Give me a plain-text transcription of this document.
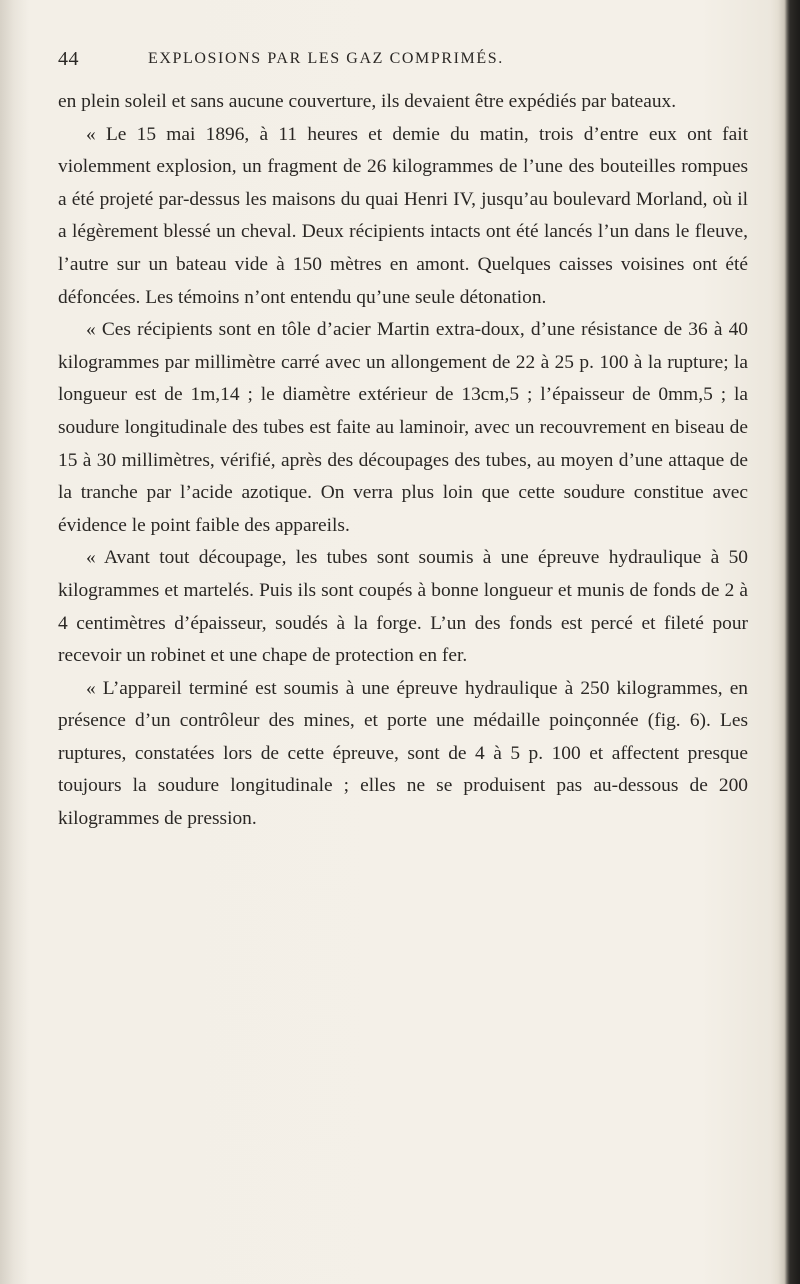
44	EXPLOSIONS PAR LES GAZ COMPRIMÉS.

en plein soleil et sans aucune couverture, ils devaient être expédiés par bateaux.

« Le 15 mai 1896, à 11 heures et demie du matin, trois d’entre eux ont fait violemment explosion, un fragment de 26 kilogrammes de l’une des bouteilles rompues a été projeté par-dessus les maisons du quai Henri IV, jusqu’au boulevard Morland, où il a légèrement blessé un cheval. Deux récipients intacts ont été lancés l’un dans le fleuve, l’autre sur un bateau vide à 150 mètres en amont. Quelques caisses voisines ont été défoncées. Les témoins n’ont entendu qu’une seule détonation.

« Ces récipients sont en tôle d’acier Martin extra-doux, d’une résistance de 36 à 40 kilogrammes par millimètre carré avec un allongement de 22 à 25 p. 100 à la rupture; la longueur est de 1m,14 ; le diamètre extérieur de 13cm,5 ; l’épaisseur de 0mm,5 ; la soudure longitudinale des tubes est faite au laminoir, avec un recouvrement en biseau de 15 à 30 millimètres, vérifié, après des découpages des tubes, au moyen d’une attaque de la tranche par l’acide azotique. On verra plus loin que cette soudure constitue avec évidence le point faible des appareils.

« Avant tout découpage, les tubes sont soumis à une épreuve hydraulique à 50 kilogrammes et martelés. Puis ils sont coupés à bonne longueur et munis de fonds de 2 à 4 centimètres d’épaisseur, soudés à la forge. L’un des fonds est percé et fileté pour recevoir un robinet et une chape de protection en fer.

« L’appareil terminé est soumis à une épreuve hydraulique à 250 kilogrammes, en présence d’un contrôleur des mines, et porte une médaille poinçonnée (fig. 6). Les ruptures, constatées lors de cette épreuve, sont de 4 à 5 p. 100 et affectent presque toujours la soudure longitudinale ; elles ne se produisent pas au-dessous de 200 kilogrammes de pression.
